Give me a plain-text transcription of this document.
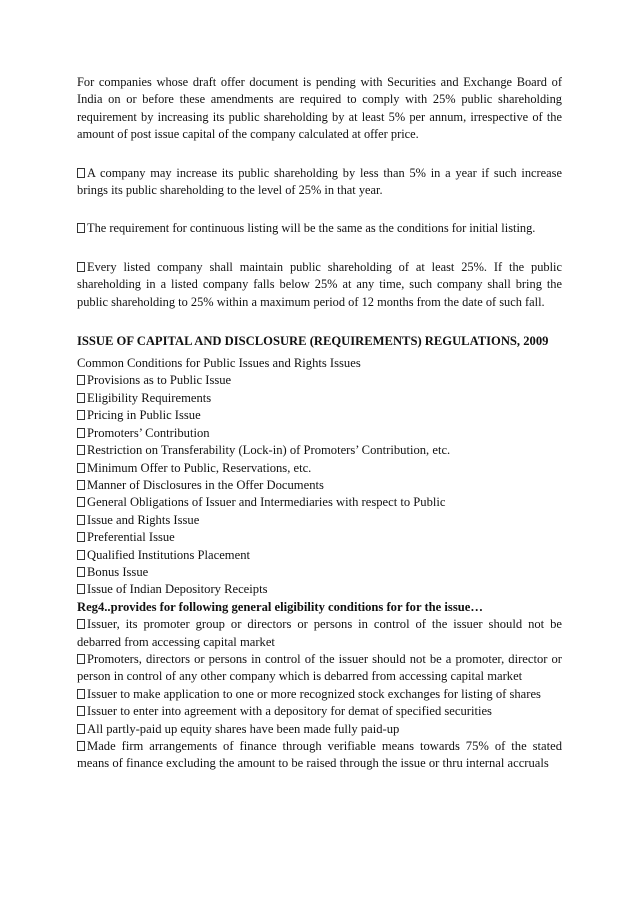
For companies whose draft offer document is pending with Securities and Exchange Board of India on or before these amendments are required to comply with 25% public shareholding requirement by increasing its public shareholding by at least 5% per annum, irrespective of the amount of post issue capital of the company calculated at offer price.

A company may increase its public shareholding by less than 5% in a year if such increase brings its public shareholding to the level of 25% in that year.

The requirement for continuous listing will be the same as the conditions for initial listing.

Every listed company shall maintain public shareholding of at least 25%. If the public shareholding in a listed company falls below 25% at any time, such company shall bring the public shareholding to 25% within a maximum period of 12 months from the date of such fall.

ISSUE OF CAPITAL AND DISCLOSURE (REQUIREMENTS) REGULATIONS, 2009
Common Conditions for Public Issues and Rights Issues
Provisions as to Public Issue
Eligibility Requirements
Pricing in Public Issue
Promoters’ Contribution
Restriction on Transferability (Lock-in) of Promoters’ Contribution, etc.
Minimum Offer to Public, Reservations, etc.
Manner of Disclosures in the Offer Documents
General Obligations of Issuer and Intermediaries with respect to Public
Issue and Rights Issue
Preferential Issue
Qualified Institutions Placement
Bonus Issue
Issue of Indian Depository Receipts
Reg4..provides for following general eligibility conditions for for the issue…
Issuer, its promoter group or directors or persons in control of the issuer should not be debarred from accessing capital market
Promoters, directors or persons in control of the issuer should not be a promoter, director or person in control of any other company which is debarred from accessing capital market
Issuer to make application to one or more recognized stock exchanges for listing of shares
Issuer to enter into agreement with a depository for demat of specified securities
All partly-paid up equity shares have been made fully paid-up
Made firm arrangements of finance through verifiable means towards 75% of the stated means of finance excluding the amount to be raised through the issue or thru internal accruals
